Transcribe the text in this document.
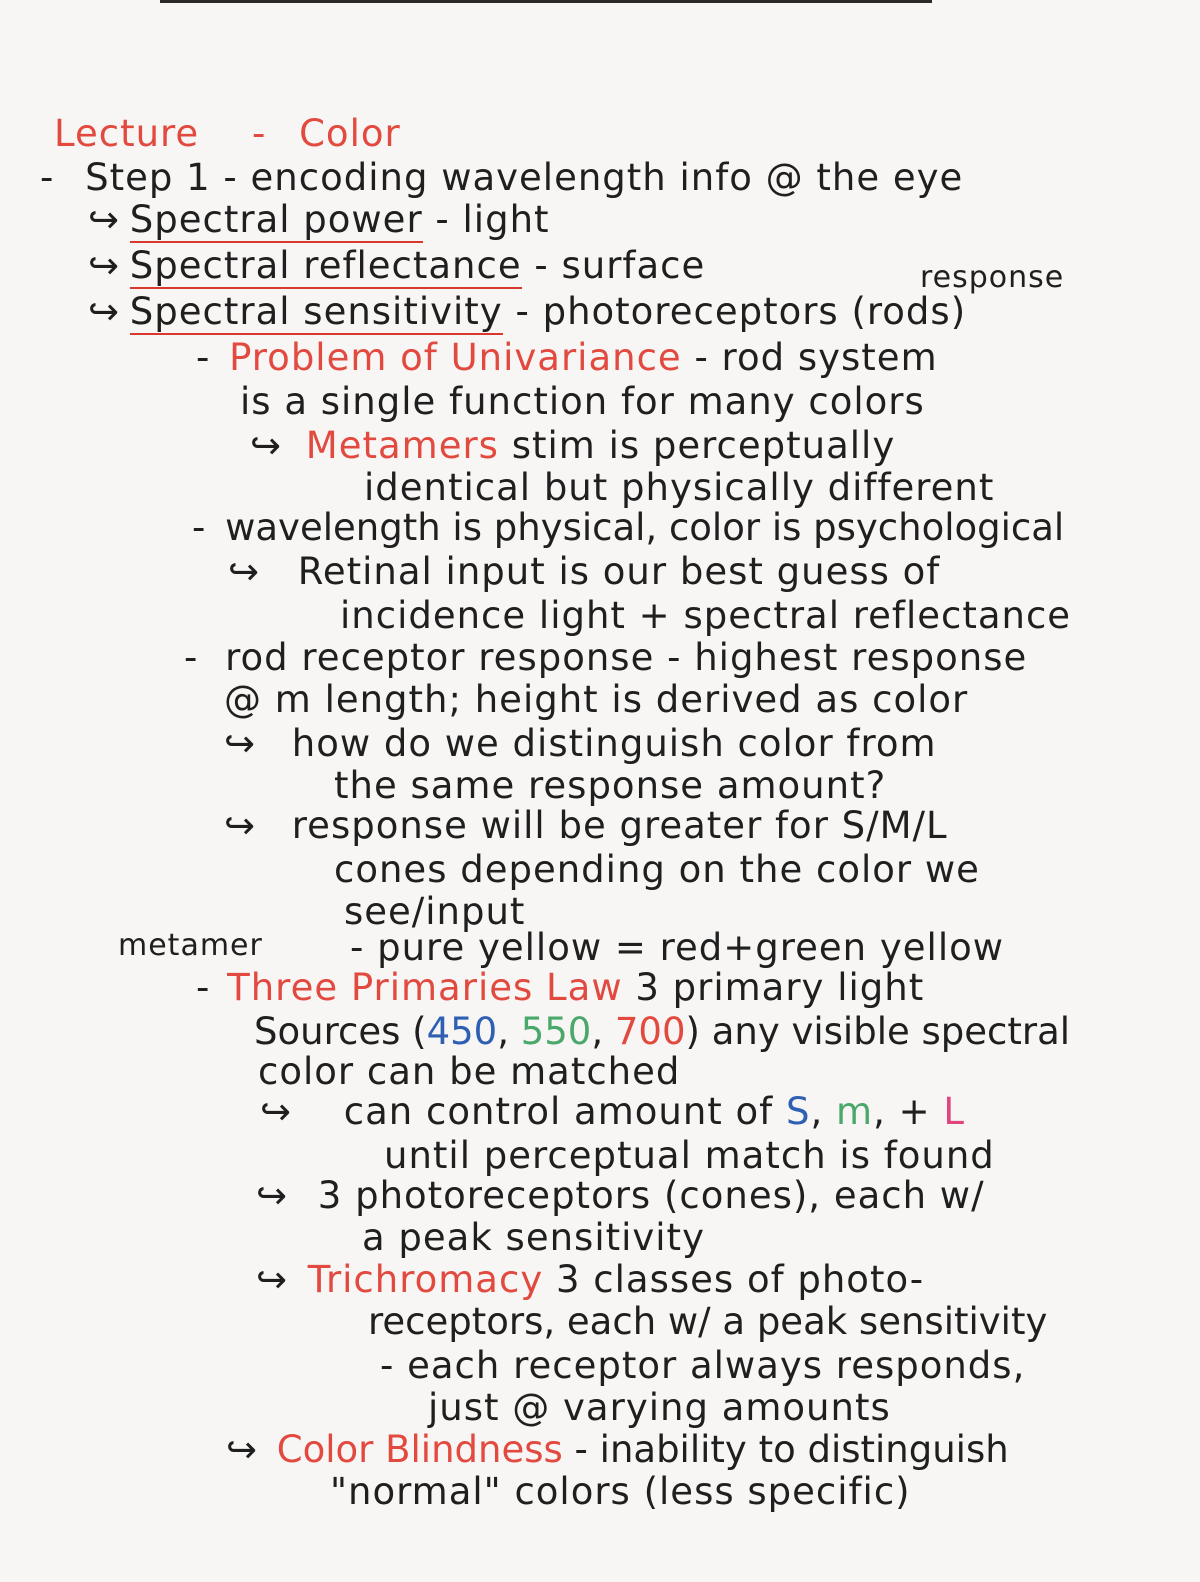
Lecture - Color
- Step 1 - encoding wavelength info @ the eye
↪ Spectral power - light
↪ Spectral reflectance - surface	response
↪ Spectral sensitivity - photoreceptors (rods)
- Problem of Univariance - rod system
is a single function for many colors
↪ Metamers stim is perceptually
identical but physically different
- wavelength is physical, color is psychological
↪ Retinal input is our best guess of
incidence light + spectral reflectance
- rod receptor response - highest response
@ m length; height is derived as color
↪ how do we distinguish color from
the same response amount?
↪ response will be greater for S/M/L
cones depending on the color we
see/input
metamer - pure yellow = red+green yellow
- Three Primaries Law 3 primary light
Sources (450, 550, 700) any visible spectral
color can be matched
↪ can control amount of S, m, + L
until perceptual match is found
↪ 3 photoreceptors (cones), each w/
a peak sensitivity
↪ Trichromacy 3 classes of photo-
receptors, each w/ a peak sensitivity
- each receptor always responds,
just @ varying amounts
↪ Color Blindness - inability to distinguish
"normal" colors (less specific)
